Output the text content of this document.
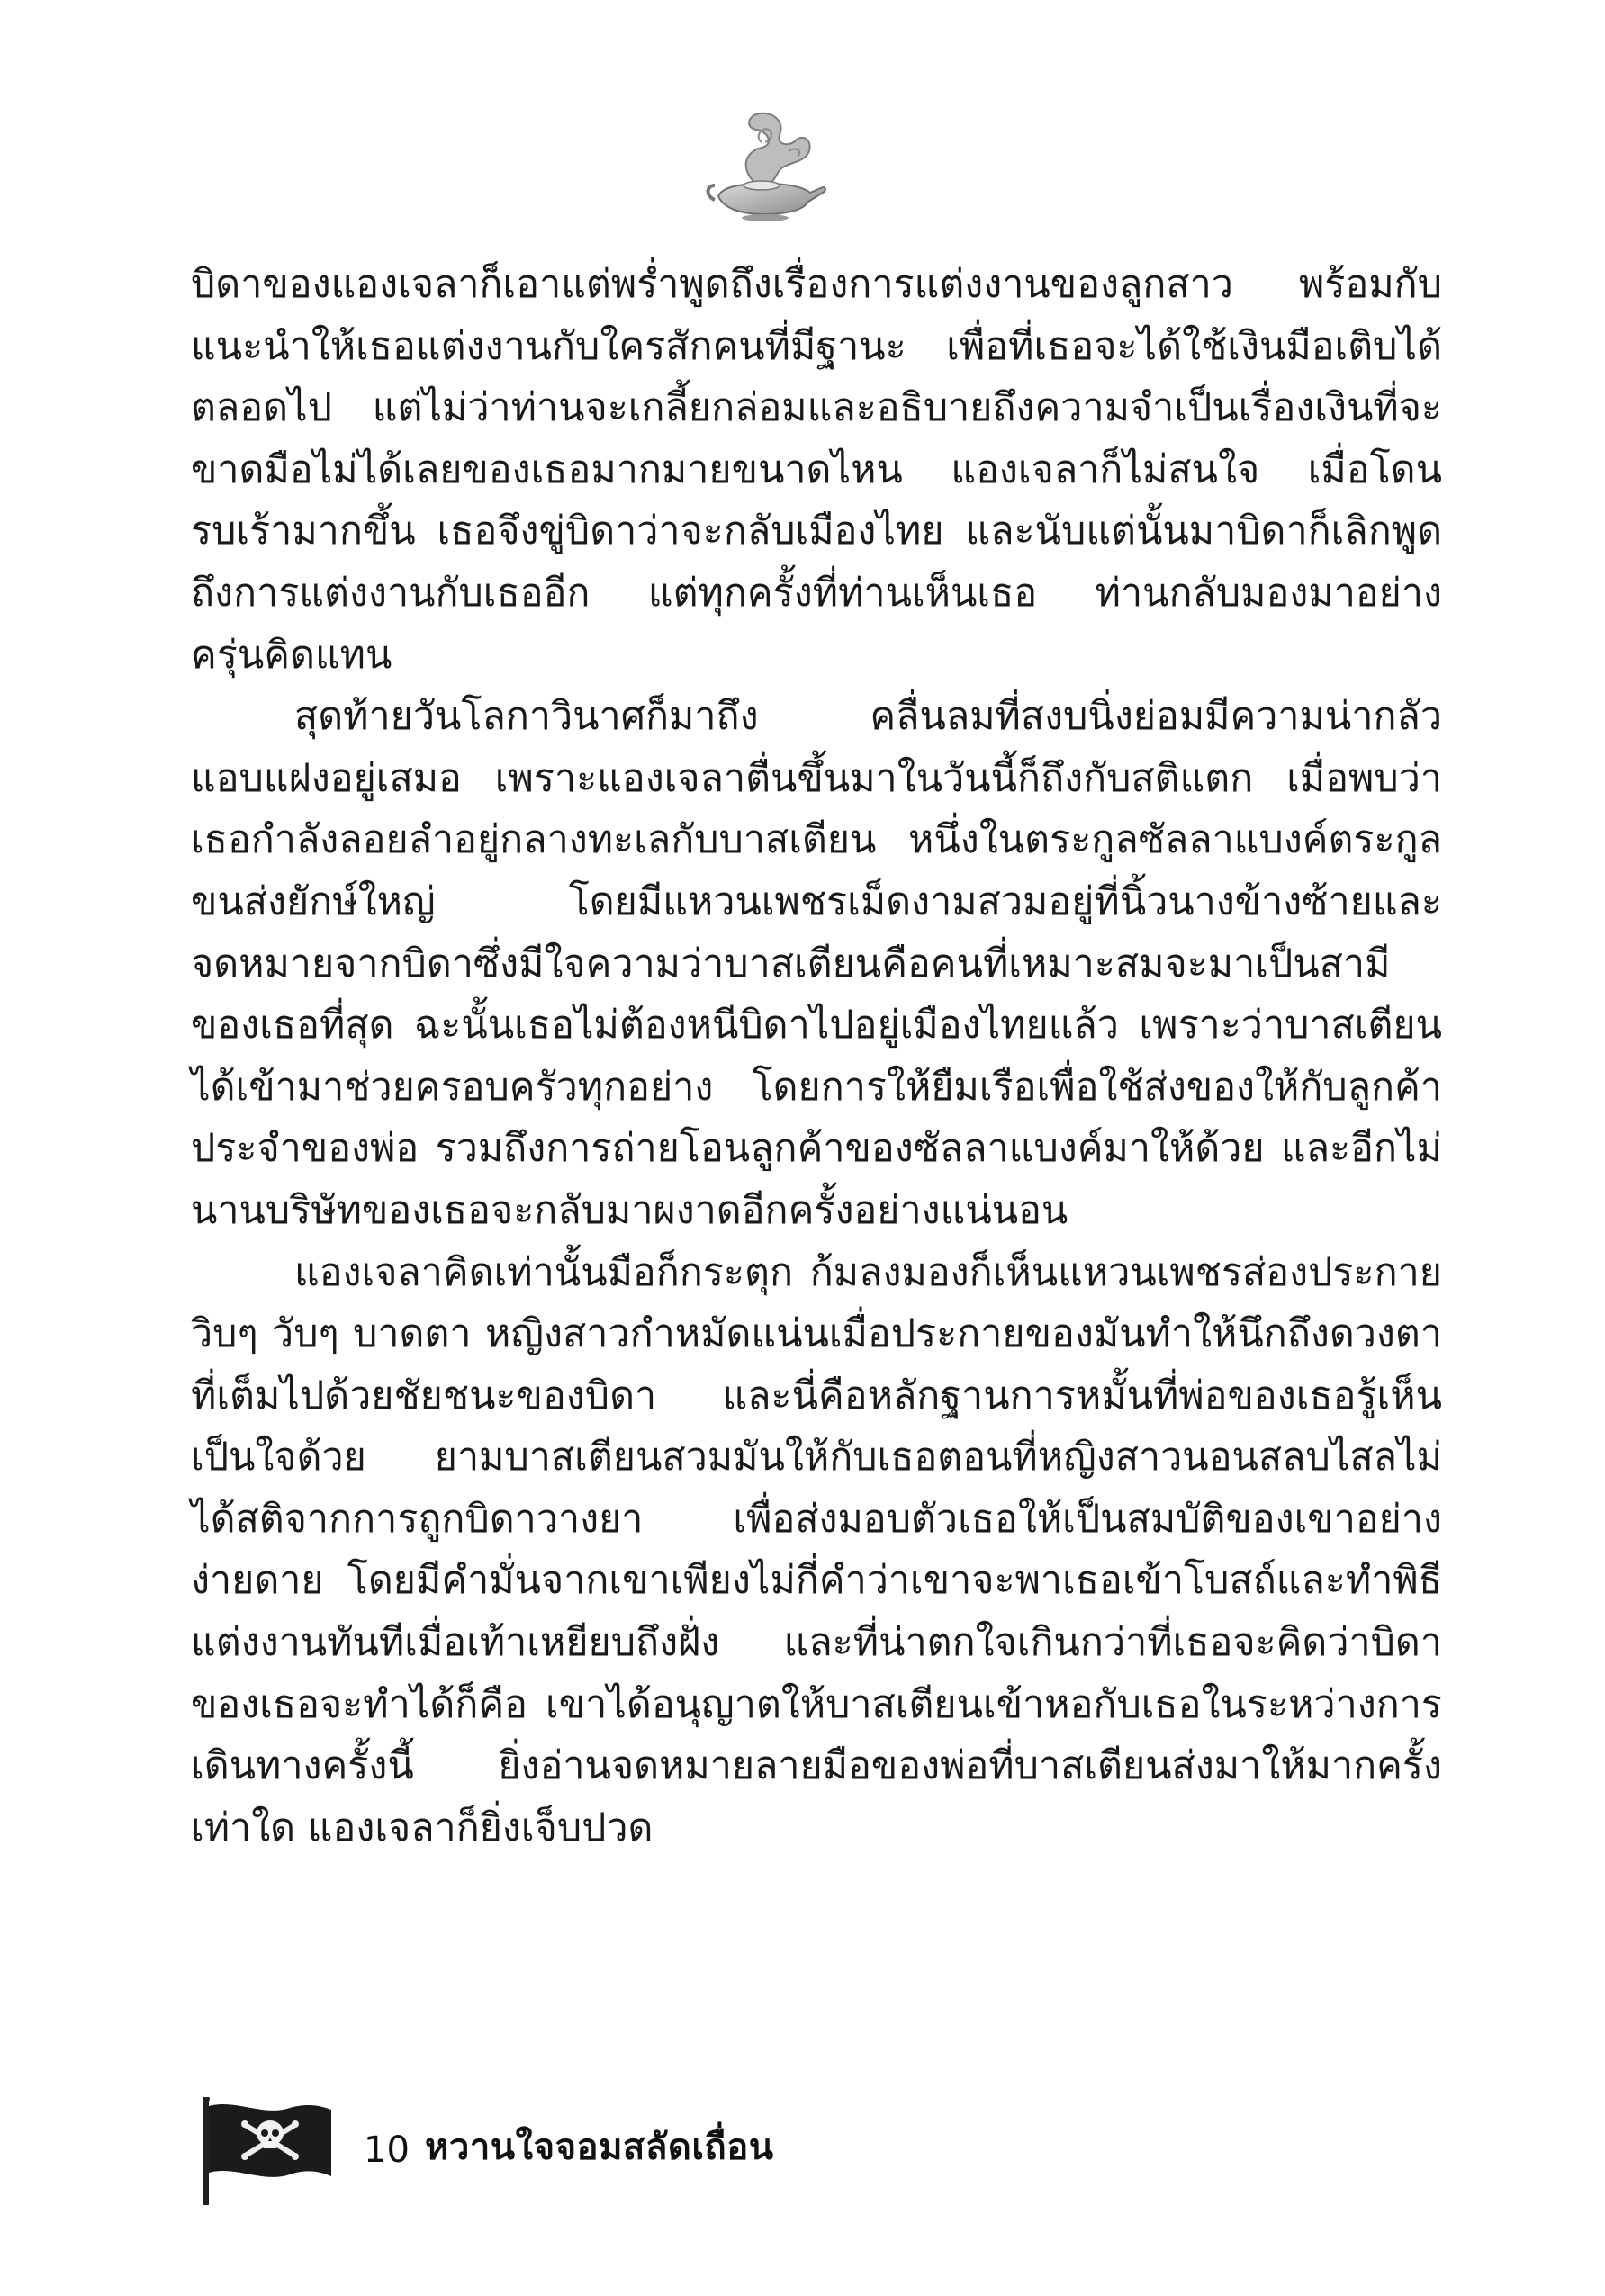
บิดาของแองเจลาก็เอาแต่พร่ำพูดถึงเรื่องการแต่งงานของลูกสาว พร้อมกับแนะนำให้เธอแต่งงานกับใครสักคนที่มีฐานะ เพื่อที่เธอจะได้ใช้เงินมือเติบได้ตลอดไป แต่ไม่ว่าท่านจะเกลี้ยกล่อมและอธิบายถึงความจำเป็นเรื่องเงินที่จะขาดมือไม่ได้เลยของเธอมากมายขนาดไหน แองเจลาก็ไม่สนใจ เมื่อโดนรบเร้ามากขึ้น เธอจึงขู่บิดาว่าจะกลับเมืองไทย และนับแต่นั้นมาบิดาก็เลิกพูดถึงการแต่งงานกับเธออีก แต่ทุกครั้งที่ท่านเห็นเธอ ท่านกลับมองมาอย่างครุ่นคิดแทน

สุดท้ายวันโลกาวินาศก็มาถึง คลื่นลมที่สงบนิ่งย่อมมีความน่ากลัวแอบแฝงอยู่เสมอ เพราะแองเจลาตื่นขึ้นมาในวันนี้ก็ถึงกับสติแตก เมื่อพบว่าเธอกำลังลอยลำอยู่กลางทะเลกับบาสเตียน หนึ่งในตระกูลซัลลาแบงค์ตระกูลขนส่งยักษ์ใหญ่ โดยมีแหวนเพชรเม็ดงามสวมอยู่ที่นิ้วนางข้างซ้ายและจดหมายจากบิดาซึ่งมีใจความว่าบาสเตียนคือคนที่เหมาะสมจะมาเป็นสามีของเธอที่สุด ฉะนั้นเธอไม่ต้องหนีบิดาไปอยู่เมืองไทยแล้ว เพราะว่าบาสเตียนได้เข้ามาช่วยครอบครัวทุกอย่าง โดยการให้ยืมเรือเพื่อใช้ส่งของให้กับลูกค้าประจำของพ่อ รวมถึงการถ่ายโอนลูกค้าของซัลลาแบงค์มาให้ด้วย และอีกไม่นานบริษัทของเธอจะกลับมาผงาดอีกครั้งอย่างแน่นอน

แองเจลาคิดเท่านั้นมือก็กระตุก ก้มลงมองก็เห็นแหวนเพชรส่องประกายวิบๆ วับๆ บาดตา หญิงสาวกำหมัดแน่นเมื่อประกายของมันทำให้นึกถึงดวงตาที่เต็มไปด้วยชัยชนะของบิดา และนี่คือหลักฐานการหมั้นที่พ่อของเธอรู้เห็นเป็นใจด้วย ยามบาสเตียนสวมมันให้กับเธอตอนที่หญิงสาวนอนสลบไสลไม่ได้สติจากการถูกบิดาวางยา เพื่อส่งมอบตัวเธอให้เป็นสมบัติของเขาอย่างง่ายดาย โดยมีคำมั่นจากเขาเพียงไม่กี่คำว่าเขาจะพาเธอเข้าโบสถ์และทำพิธีแต่งงานทันทีเมื่อเท้าเหยียบถึงฝั่ง และที่น่าตกใจเกินกว่าที่เธอจะคิดว่าบิดาของเธอจะทำได้ก็คือ เขาได้อนุญาตให้บาสเตียนเข้าหอกับเธอในระหว่างการเดินทางครั้งนี้ ยิ่งอ่านจดหมายลายมือของพ่อที่บาสเตียนส่งมาให้มากครั้งเท่าใด แองเจลาก็ยิ่งเจ็บปวด

10 หวานใจจอมสลัดเถื่อน
